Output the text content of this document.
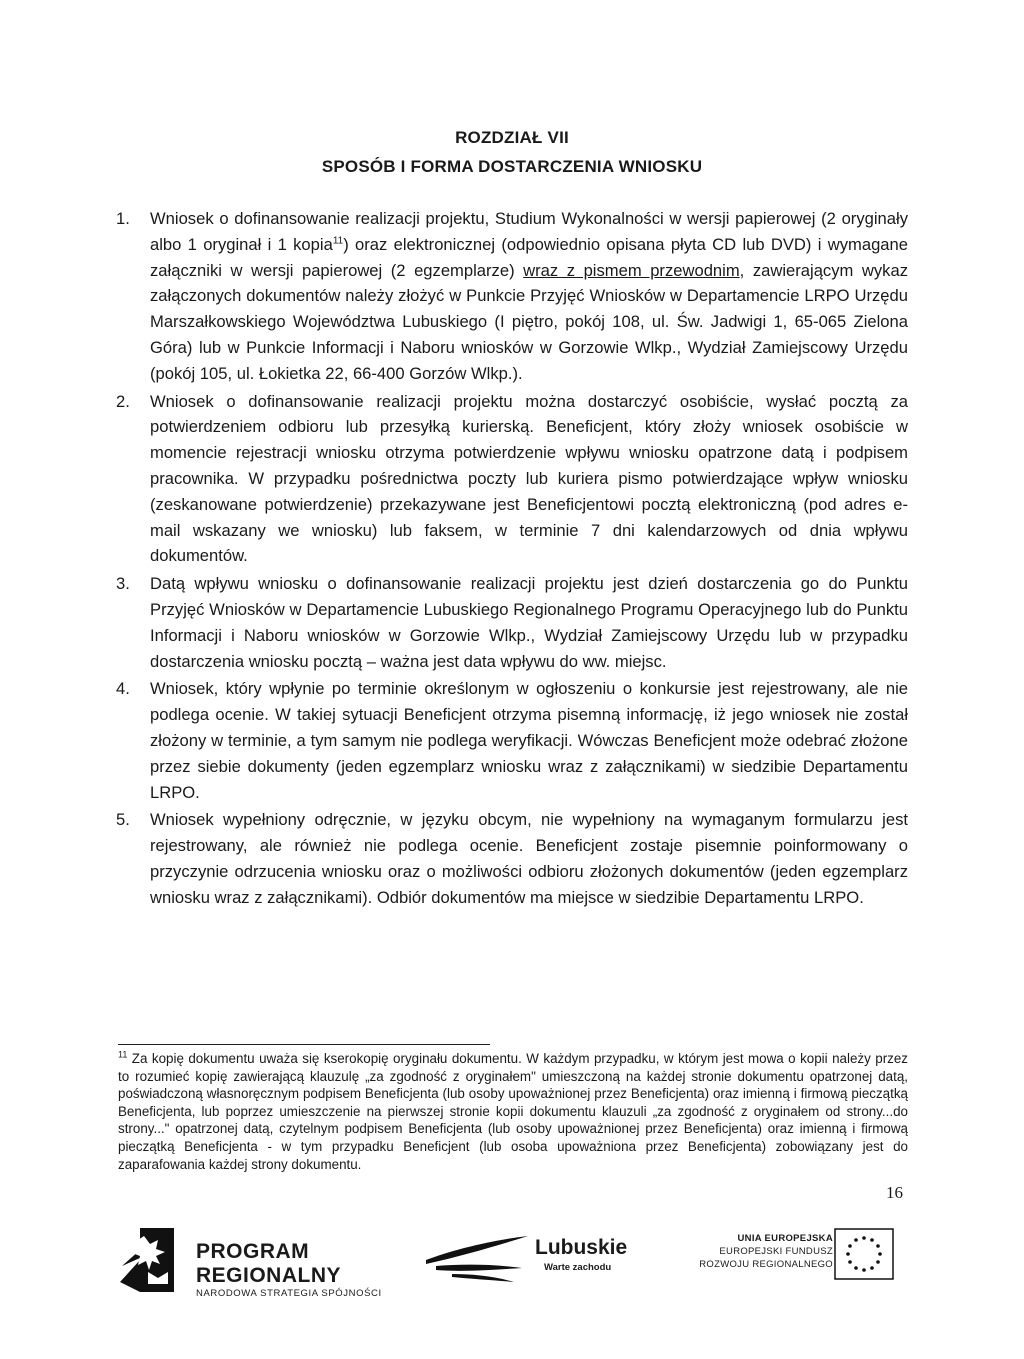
ROZDZIAŁ VII
SPOSÓB I FORMA DOSTARCZENIA WNIOSKU
1. Wniosek o dofinansowanie realizacji projektu, Studium Wykonalności w wersji papierowej (2 oryginały albo 1 oryginał i 1 kopia$^{11}$) oraz elektronicznej (odpowiednio opisana płyta CD lub DVD) i wymagane załączniki w wersji papierowej (2 egzemplarze) wraz z pismem przewodnim, zawierającym wykaz załączonych dokumentów należy złożyć w Punkcie Przyjęć Wniosków w Departamencie LRPO Urzędu Marszałkowskiego Województwa Lubuskiego (I piętro, pokój 108, ul. Św. Jadwigi 1, 65-065 Zielona Góra) lub w Punkcie Informacji i Naboru wniosków w Gorzowie Wlkp., Wydział Zamiejscowy Urzędu (pokój 105, ul. Łokietka 22, 66-400 Gorzów Wlkp.).
2. Wniosek o dofinansowanie realizacji projektu można dostarczyć osobiście, wysłać pocztą za potwierdzeniem odbioru lub przesyłką kurierską. Beneficjent, który złoży wniosek osobiście w momencie rejestracji wniosku otrzyma potwierdzenie wpływu wniosku opatrzone datą i podpisem pracownika. W przypadku pośrednictwa poczty lub kuriera pismo potwierdzające wpływ wniosku (zeskanowane potwierdzenie) przekazywane jest Beneficjentowi pocztą elektroniczną (pod adres e-mail wskazany we wniosku) lub faksem, w terminie 7 dni kalendarzowych od dnia wpływu dokumentów.
3. Datą wpływu wniosku o dofinansowanie realizacji projektu jest dzień dostarczenia go do Punktu Przyjęć Wniosków w Departamencie Lubuskiego Regionalnego Programu Operacyjnego lub do Punktu Informacji i Naboru wniosków w Gorzowie Wlkp., Wydział Zamiejscowy Urzędu lub w przypadku dostarczenia wniosku pocztą – ważna jest data wpływu do ww. miejsc.
4. Wniosek, który wpłynie po terminie określonym w ogłoszeniu o konkursie jest rejestrowany, ale nie podlega ocenie. W takiej sytuacji Beneficjent otrzyma pisemną informację, iż jego wniosek nie został złożony w terminie, a tym samym nie podlega weryfikacji. Wówczas Beneficjent może odebrać złożone przez siebie dokumenty (jeden egzemplarz wniosku wraz z załącznikami) w siedzibie Departamentu LRPO.
5. Wniosek wypełniony odręcznie, w języku obcym, nie wypełniony na wymaganym formularzu jest rejestrowany, ale również nie podlega ocenie. Beneficjent zostaje pisemnie poinformowany o przyczynie odrzucenia wniosku oraz o możliwości odbioru złożonych dokumentów (jeden egzemplarz wniosku wraz z załącznikami). Odbiór dokumentów ma miejsce w siedzibie Departamentu LRPO.
$^{11}$ Za kopię dokumentu uważa się kserokopię oryginału dokumentu. W każdym przypadku, w którym jest mowa o kopii należy przez to rozumieć kopię zawierającą klauzulę „za zgodność z oryginałem" umieszczoną na każdej stronie dokumentu opatrzonej datą, poświadczoną własnoręcznym podpisem Beneficjenta (lub osoby upoważnionej przez Beneficjenta) oraz imienną i firmową pieczątką Beneficjenta, lub poprzez umieszczenie na pierwszej stronie kopii dokumentu klauzuli „za zgodność z oryginałem od strony...do strony..." opatrzonej datą, czytelnym podpisem Beneficjenta (lub osoby upoważnionej przez Beneficjenta) oraz imienną i firmową pieczątką Beneficjenta - w tym przypadku Beneficjent (lub osoba upoważniona przez Beneficjenta) zobowiązany jest do zaparafowania każdej strony dokumentu.
16
PROGRAM
REGIONALNY
NARODOWA STRATEGIA SPÓJNOŚCI
Lubuskie
Warte zachodu
UNIA EUROPEJSKA
EUROPEJSKI FUNDUSZ
ROZWOJU REGIONALNEGO
